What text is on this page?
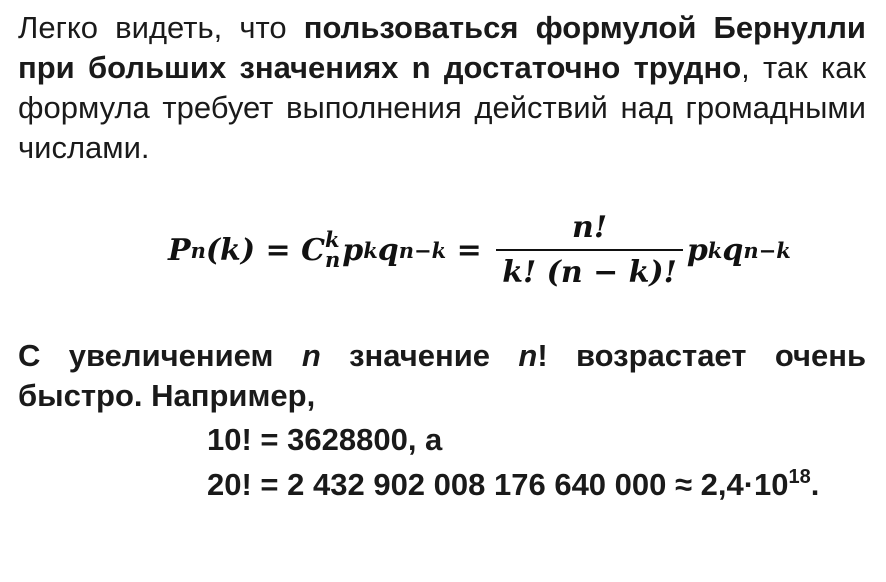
Легко видеть, что пользоваться формулой Бернулли
при больших значениях n достаточно трудно, так как
формула требует выполнения действий над громадными
числами.
P n (k) = C k
n p k q $n-k = \frac{n!}{k! (n - k)!}$ p k q n−k
С увеличением n значение n! возрастает очень
быстро. Например,
10! = 3628800, а
20! = 2 432 902 008 176 640 $000 \approx 2,4\cdot 10^{18}$.
